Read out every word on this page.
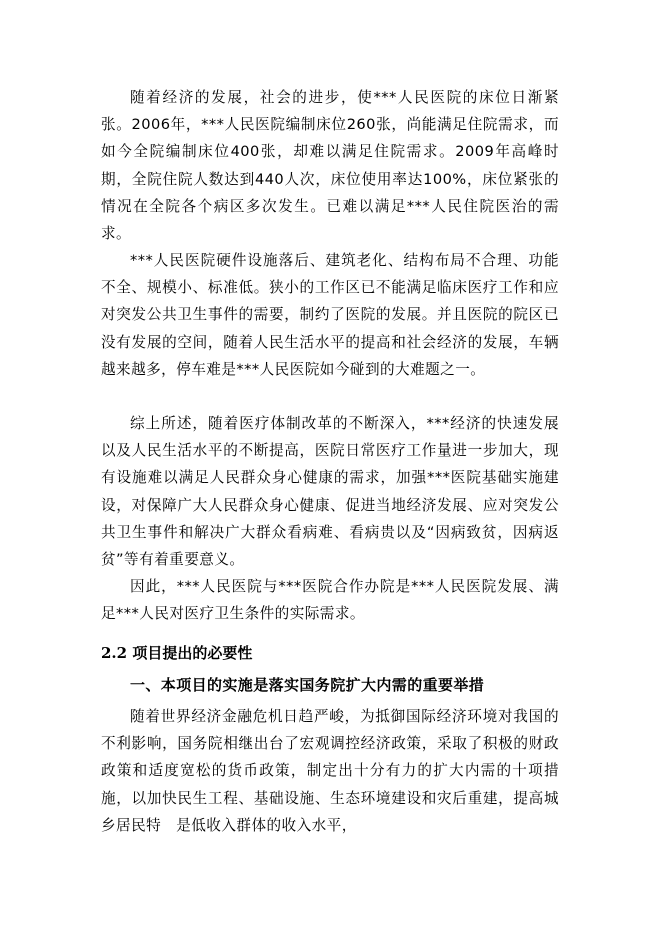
随着经济的发展，社会的进步，使***人民医院的床位日渐紧张。2006年，***人民医院编制床位260张，尚能满足住院需求，而如今全院编制床位400张，却难以满足住院需求。2009年高峰时期，全院住院人数达到440人次，床位使用率达100%，床位紧张的情况在全院各个病区多次发生。已难以满足***人民住院医治的需求。

***人民医院硬件设施落后、建筑老化、结构布局不合理、功能不全、规模小、标准低。狭小的工作区已不能满足临床医疗工作和应对突发公共卫生事件的需要，制约了医院的发展。并且医院的院区已没有发展的空间，随着人民生活水平的提高和社会经济的发展，车辆越来越多，停车难是***人民医院如今碰到的大难题之一。

综上所述，随着医疗体制改革的不断深入，***经济的快速发展以及人民生活水平的不断提高，医院日常医疗工作量进一步加大，现有设施难以满足人民群众身心健康的需求，加强***医院基础实施建设，对保障广大人民群众身心健康、促进当地经济发展、应对突发公共卫生事件和解决广大群众看病难、看病贵以及“因病致贫，因病返贫”等有着重要意义。

因此，***人民医院与***医院合作办院是***人民医院发展、满足***人民对医疗卫生条件的实际需求。

2.2 项目提出的必要性
一、本项目的实施是落实国务院扩大内需的重要举措

随着世界经济金融危机日趋严峻，为抵御国际经济环境对我国的不利影响，国务院相继出台了宏观调控经济政策，采取了积极的财政政策和适度宽松的货币政策，制定出十分有力的扩大内需的十项措施，以加快民生工程、基础设施、生态环境建设和灾后重建，提高城乡居民特　是低收入群体的收入水平，
